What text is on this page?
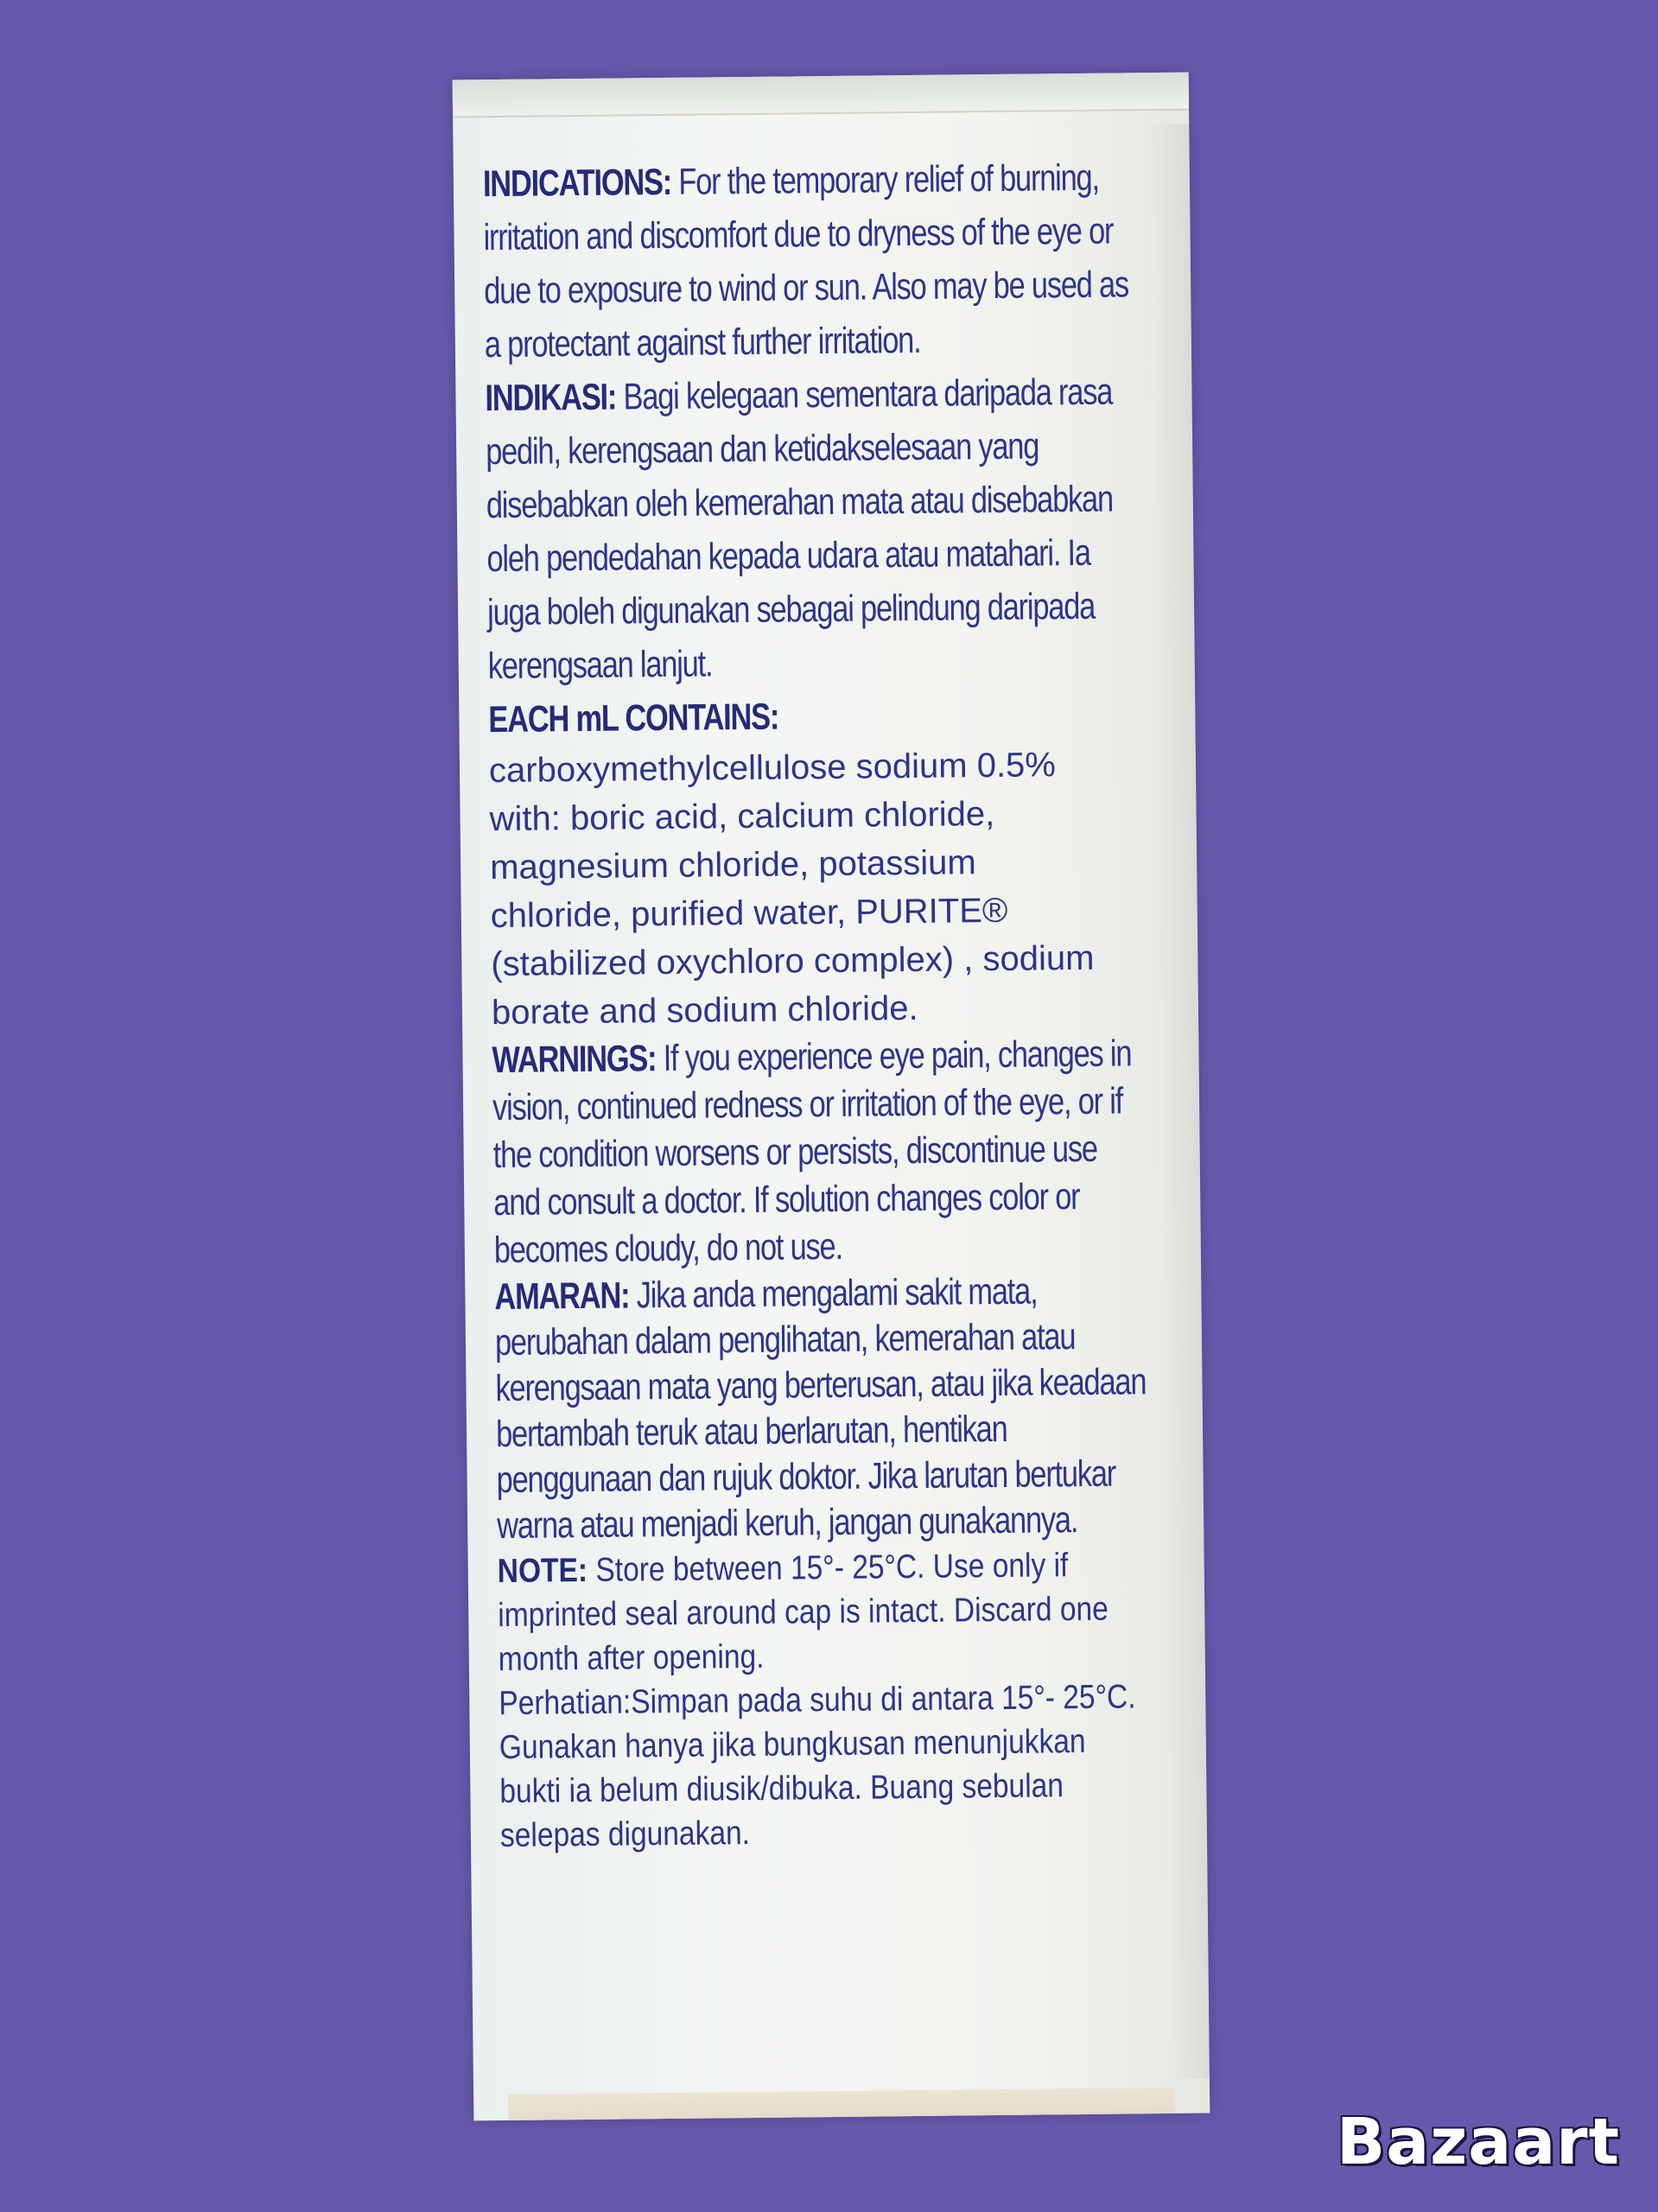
INDICATIONS: For the temporary relief of burning, irritation and discomfort due to dryness of the eye or due to exposure to wind or sun. Also may be used as a protectant against further irritation.

INDIKASI: Bagi kelegaan sementara daripada rasa pedih, kerengsaan dan ketidakselesaan yang disebabkan oleh kemerahan mata atau disebabkan oleh pendedahan kepada udara atau matahari. Ia juga boleh digunakan sebagai pelindung daripada kerengsaan lanjut.

EACH mL CONTAINS:

carboxymethylcellulose sodium 0.5% with: boric acid, calcium chloride, magnesium chloride, potassium chloride, purified water, PURITE® (stabilized oxychloro complex) , sodium borate and sodium chloride.

WARNINGS: If you experience eye pain, changes in vision, continued redness or irritation of the eye, or if the condition worsens or persists, discontinue use and consult a doctor. If solution changes color or becomes cloudy, do not use.

AMARAN: Jika anda mengalami sakit mata, perubahan dalam penglihatan, kemerahan atau kerengsaan mata yang berterusan, atau jika keadaan bertambah teruk atau berlarutan, hentikan penggunaan dan rujuk doktor. Jika larutan bertukar warna atau menjadi keruh, jangan gunakannya.

NOTE: Store between 15°- 25°C. Use only if imprinted seal around cap is intact. Discard one month after opening.

Perhatian:Simpan pada suhu di antara 15°- 25°C. Gunakan hanya jika bungkusan menunjukkan bukti ia belum diusik/dibuka. Buang sebulan selepas digunakan.

Bazaart
